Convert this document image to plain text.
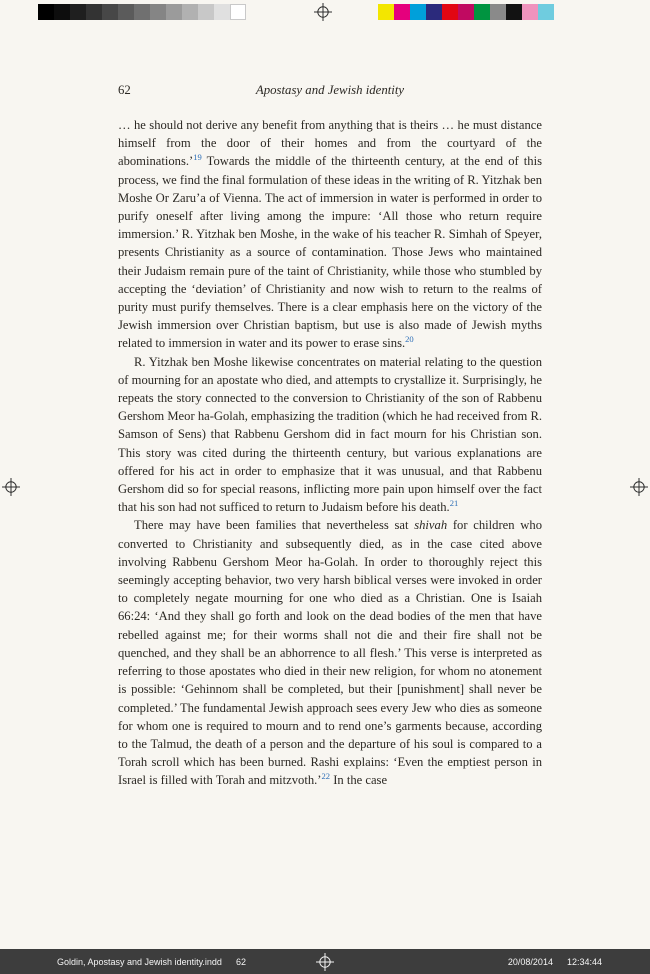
62	Apostasy and Jewish identity

… he should not derive any benefit from anything that is theirs … he must distance himself from the door of their homes and from the courtyard of the abominations.’$^{19}$ Towards the middle of the thirteenth century, at the end of this process, we find the final formulation of these ideas in the writing of R. Yitzhak ben Moshe Or Zaru’a of Vienna. The act of immersion in water is performed in order to purify oneself after living among the impure: ‘All those who return require immersion.’ R. Yitzhak ben Moshe, in the wake of his teacher R. Simhah of Speyer, presents Christianity as a source of contamination. Those Jews who maintained their Judaism remain pure of the taint of Christianity, while those who stumbled by accepting the ‘deviation’ of Christianity and now wish to return to the realms of purity must purify themselves. There is a clear emphasis here on the victory of the Jewish immersion over Christian baptism, but use is also made of Jewish myths related to immersion in water and its power to erase sins.$^{20}$

R. Yitzhak ben Moshe likewise concentrates on material relating to the question of mourning for an apostate who died, and attempts to crystallize it. Surprisingly, he repeats the story connected to the conversion to Christianity of the son of Rabbenu Gershom Meor ha-Golah, emphasizing the tradition (which he had received from R. Samson of Sens) that Rabbenu Gershom did in fact mourn for his Christian son. This story was cited during the thirteenth century, but various explanations are offered for his act in order to emphasize that it was unusual, and that Rabbenu Gershom did so for special reasons, inflicting more pain upon himself over the fact that his son had not sufficed to return to Judaism before his death.$^{21}$

There may have been families that nevertheless sat shivah for children who converted to Christianity and subsequently died, as in the case cited above involving Rabbenu Gershom Meor ha-Golah. In order to thoroughly reject this seemingly accepting behavior, two very harsh biblical verses were invoked in order to completely negate mourning for one who died as a Christian. One is Isaiah 66:24: ‘And they shall go forth and look on the dead bodies of the men that have rebelled against me; for their worms shall not die and their fire shall not be quenched, and they shall be an abhorrence to all flesh.’ This verse is interpreted as referring to those apostates who died in their new religion, for whom no atonement is possible: ‘Gehinnom shall be completed, but their [punishment] shall never be completed.’ The fundamental Jewish approach sees every Jew who dies as someone for whom one is required to mourn and to rend one’s garments because, according to the Talmud, the death of a person and the departure of his soul is compared to a Torah scroll which has been burned. Rashi explains: ‘Even the emptiest person in Israel is filled with Torah and mitzvoth.’$^{22}$ In the case

Goldin, Apostasy and Jewish identity.indd 62	20/08/2014 12:34:44
